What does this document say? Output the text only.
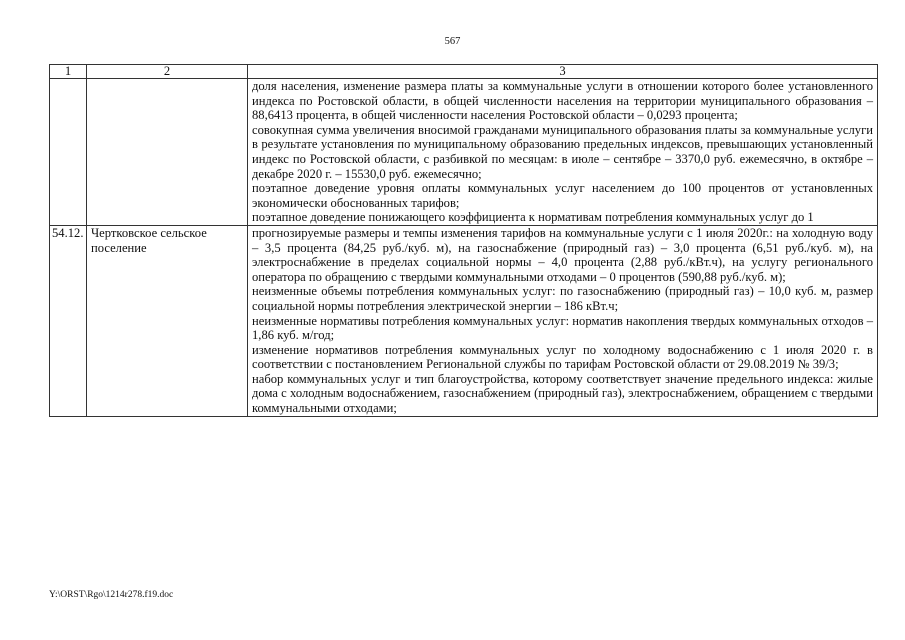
567
1	2	3

		доля населения, изменение размера платы за коммунальные услуги в отношении которого более установленного индекса по Ростовской области, в общей численности населения на территории муниципального образования – 88,6413 процента, в общей численности населения Ростовской области – 0,0293 процента;

совокупная сумма увеличения вносимой гражданами муниципального образования платы за коммунальные услуги в результате установления по муниципальному образованию предельных индексов, превышающих установленный индекс по Ростовской области, с разбивкой по месяцам: в июле – сентябре – 3370,0 руб. ежемесячно, в октябре – декабре 2020 г. – 15530,0 руб. ежемесячно;

поэтапное доведение уровня оплаты коммунальных услуг населением до 100 процентов от установленных экономически обоснованных тарифов;

поэтапное доведение понижающего коэффициента к нормативам потребления коммунальных услуг до 1

54.12.	Чертковское сельское поселение	прогнозируемые размеры и темпы изменения тарифов на коммунальные услуги с 1 июля 2020г.: на холодную воду – 3,5 процента (84,25 руб./куб. м), на газоснабжение (природный газ) – 3,0 процента (6,51 руб./куб. м), на электроснабжение в пределах социальной нормы – 4,0 процента (2,88 руб./кВт.ч), на услугу регионального оператора по обращению с твердыми коммунальными отходами – 0 процентов (590,88 руб./куб. м);

неизменные объемы потребления коммунальных услуг: по газоснабжению (природный газ) – 10,0 куб. м, размер социальной нормы потребления электрической энергии – 186 кВт.ч;

неизменные нормативы потребления коммунальных услуг: норматив накопления твердых коммунальных отходов – 1,86 куб. м/год;

изменение нормативов потребления коммунальных услуг по холодному водоснабжению с 1 июля 2020 г. в соответствии с постановлением Региональной службы по тарифам Ростовской области от 29.08.2019 № 39/3;

набор коммунальных услуг и тип благоустройства, которому соответствует значение предельного индекса: жилые дома с холодным водоснабжением, газоснабжением (природный газ), электроснабжением, обращением с твердыми коммунальными отходами;

Y:\ORST\Rgo\1214r278.f19.doc
